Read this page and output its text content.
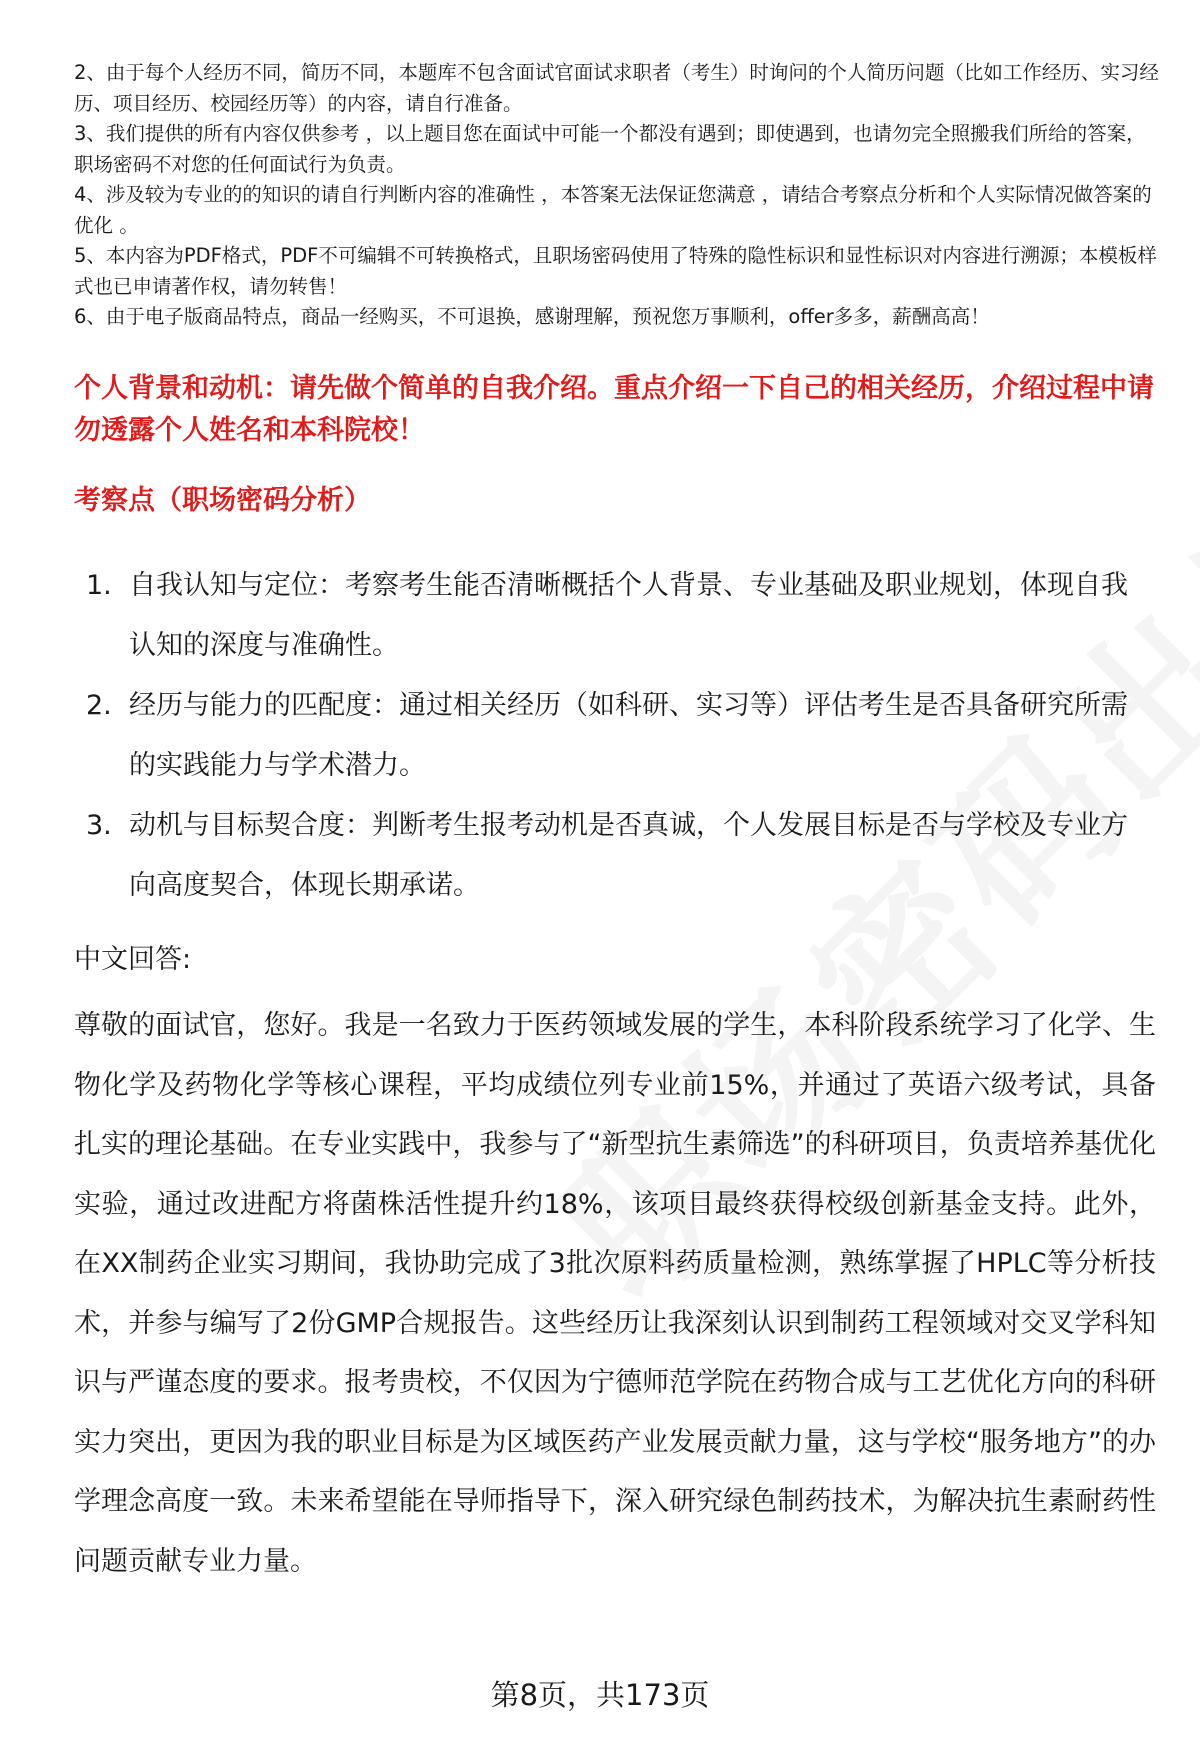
2、由于每个人经历不同，简历不同，本题库不包含面试官面试求职者（考生）时询问的个人简历问题（比如工作经历、实习经历、项目经历、校园经历等）的内容，请自行准备。

3、我们提供的所有内容仅供参考 ，以上题目您在面试中可能一个都没有遇到；即使遇到，也请勿完全照搬我们所给的答案，职场密码不对您的任何面试行为负责。

4、涉及较为专业的的知识的请自行判断内容的准确性 ，本答案无法保证您满意 ，请结合考察点分析和个人实际情况做答案的优化 。

5、本内容为PDF格式，PDF不可编辑不可转换格式，且职场密码使用了特殊的隐性标识和显性标识对内容进行溯源；本模板样式也已申请著作权，请勿转售！

6、由于电子版商品特点，商品一经购买，不可退换，感谢理解，预祝您万事顺利，offer多多，薪酬高高！

个人背景和动机：请先做个简单的自我介绍。重点介绍一下自己的相关经历，介绍过程中请勿透露个人姓名和本科院校！
考察点（职场密码分析）
1. 自我认知与定位：考察考生能否清晰概括个人背景、专业基础及职业规划，体现自我认知的深度与准确性。
2. 经历与能力的匹配度：通过相关经历（如科研、实习等）评估考生是否具备研究所需的实践能力与学术潜力。
3. 动机与目标契合度：判断考生报考动机是否真诚，个人发展目标是否与学校及专业方向高度契合，体现长期承诺。

中文回答:

尊敬的面试官，您好。我是一名致力于医药领域发展的学生，本科阶段系统学习了化学、生物化学及药物化学等核心课程，平均成绩位列专业前15%，并通过了英语六级考试，具备扎实的理论基础。在专业实践中，我参与了“新型抗生素筛选”的科研项目，负责培养基优化实验，通过改进配方将菌株活性提升约18%，该项目最终获得校级创新基金支持。此外，在XX制药企业实习期间，我协助完成了3批次原料药质量检测，熟练掌握了HPLC等分析技术，并参与编写了2份GMP合规报告。这些经历让我深刻认识到制药工程领域对交叉学科知识与严谨态度的要求。报考贵校，不仅因为宁德师范学院在药物合成与工艺优化方向的科研实力突出，更因为我的职业目标是为区域医药产业发展贡献力量，这与学校“服务地方”的办学理念高度一致。未来希望能在导师指导下，深入研究绿色制药技术，为解决抗生素耐药性问题贡献专业力量。

第8页，共173页
